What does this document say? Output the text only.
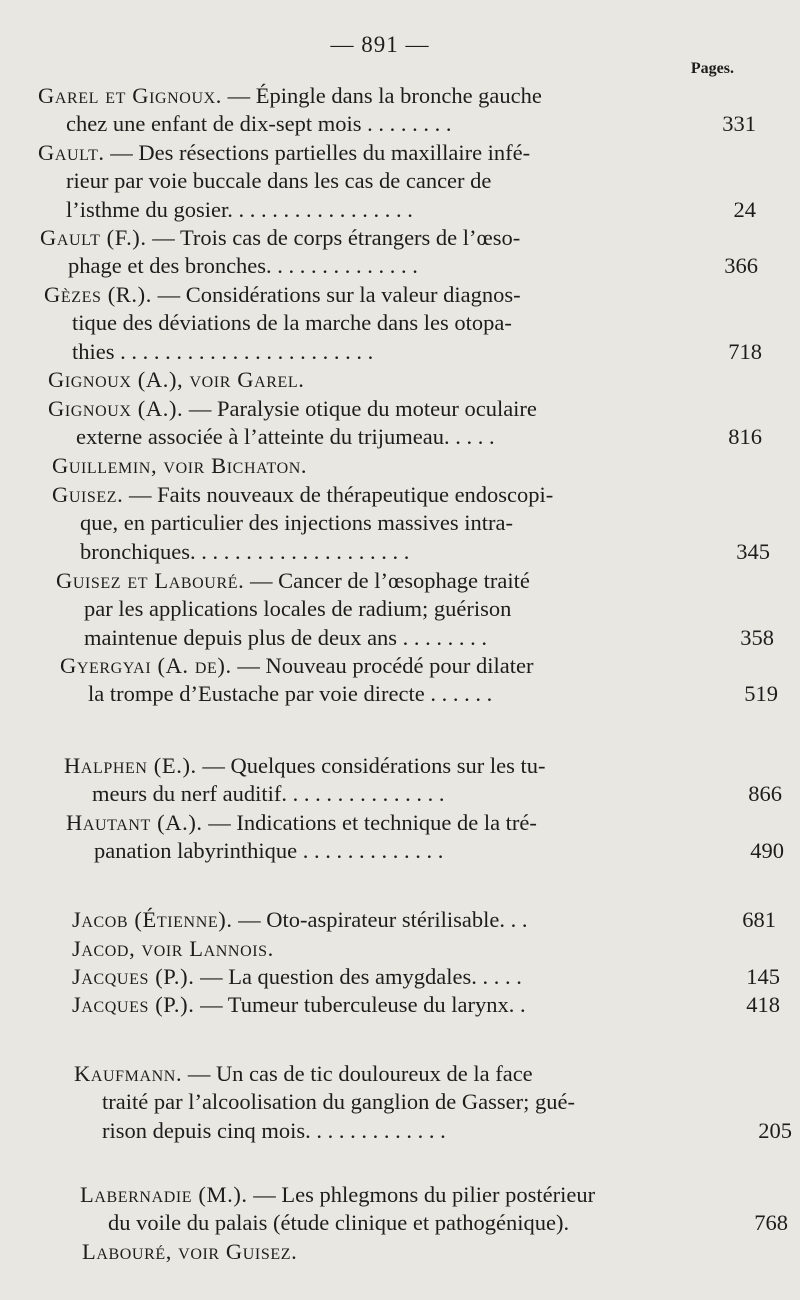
— 891 —
Pages.
Garel et Gignoux. — Épingle dans la bronche gauche
chez une enfant de dix-sept mois . . . . . . . .	331
Gault. — Des résections partielles du maxillaire infé-
rieur par voie buccale dans les cas de cancer de
l’isthme du gosier. . . . . . . . . . . . . . . . .	24
Gault (F.). — Trois cas de corps étrangers de l’œso-
phage et des bronches. . . . . . . . . . . . . .	366
Gèzes (R.). — Considérations sur la valeur diagnos-
tique des déviations de la marche dans les otopa-
thies . . . . . . . . . . . . . . . . . . . . . . .	718
Gignoux (A.), voir Garel.
Gignoux (A.). — Paralysie otique du moteur oculaire
externe associée à l’atteinte du trijumeau. . . . .	816
Guillemin, voir Bichaton.
Guisez. — Faits nouveaux de thérapeutique endoscopi-
que, en particulier des injections massives intra-
bronchiques. . . . . . . . . . . . . . . . . . . .	345
Guisez et Labouré. — Cancer de l’œsophage traité
par les applications locales de radium; guérison
maintenue depuis plus de deux ans . . . . . . . .	358
Gyergyai (A. de). — Nouveau procédé pour dilater
la trompe d’Eustache par voie directe . . . . . .	519
Halphen (E.). — Quelques considérations sur les tu-
meurs du nerf auditif. . . . . . . . . . . . . . .	866
Hautant (A.). — Indications et technique de la tré-
panation labyrinthique . . . . . . . . . . . . .	490
Jacob (Étienne). — Oto-aspirateur stérilisable. . .	681
Jacod, voir Lannois.
Jacques (P.). — La question des amygdales. . . . .	145
Jacques (P.). — Tumeur tuberculeuse du larynx. .	418
Kaufmann. — Un cas de tic douloureux de la face
traité par l’alcoolisation du ganglion de Gasser; gué-
rison depuis cinq mois. . . . . . . . . . . . .	205
Labernadie (M.). — Les phlegmons du pilier postérieur
du voile du palais (étude clinique et pathogénique).	768
Labouré, voir Guisez.
